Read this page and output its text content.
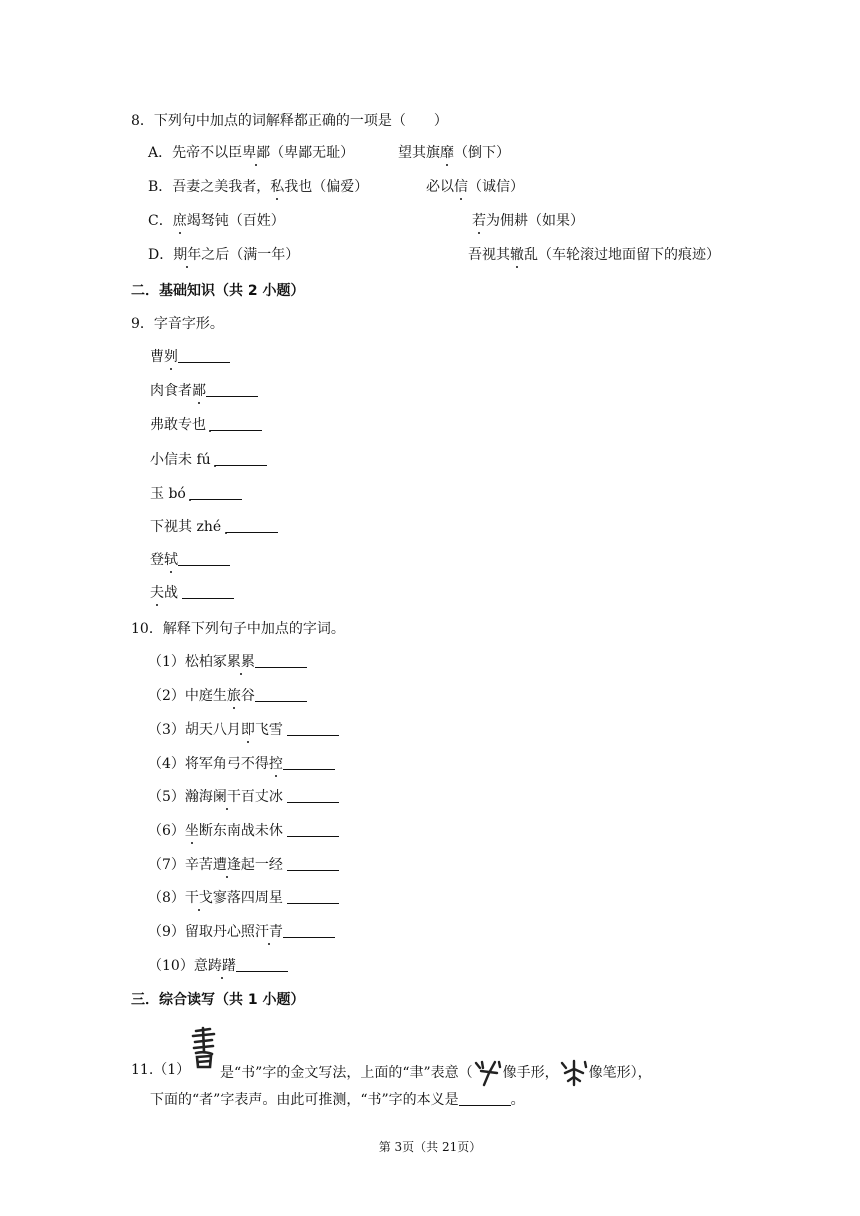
8．下列句中加点的词解释都正确的一项是（　　）
A．先帝不以臣卑鄙（卑鄙无耻）	望其旗靡（倒下）
B．吾妻之美我者，私我也（偏爱）	必以信（诚信）
C．庶竭驽钝（百姓）	若为佣耕（如果）
D．期年之后（满一年）	吾视其辙乱（车轮滚过地面留下的痕迹）
二．基础知识（共 2 小题）
9．字音字形。
曹刿
肉食者鄙
弗敢专也
小信未 fú
玉 bó
下视其 zhé
登轼
夫战
10．解释下列句子中加点的字词。
（1）松柏冢累累
（2）中庭生旅谷
（3）胡天八月即飞雪
（4）将军角弓不得控
（5）瀚海阑干百丈冰
（6）坐断东南战未休
（7）辛苦遭逢起一经
（8）干戈寥落四周星
（9）留取丹心照汗青
（10）意踌躇
三．综合读写（共 1 小题）
11.（1） 是“书”字的金文写法，上面的“聿”表意（ 像手形， 像笔形），
下面的“者”字表声。由此可推测，“书”字的本义是	。
第 3页（共 21页）
